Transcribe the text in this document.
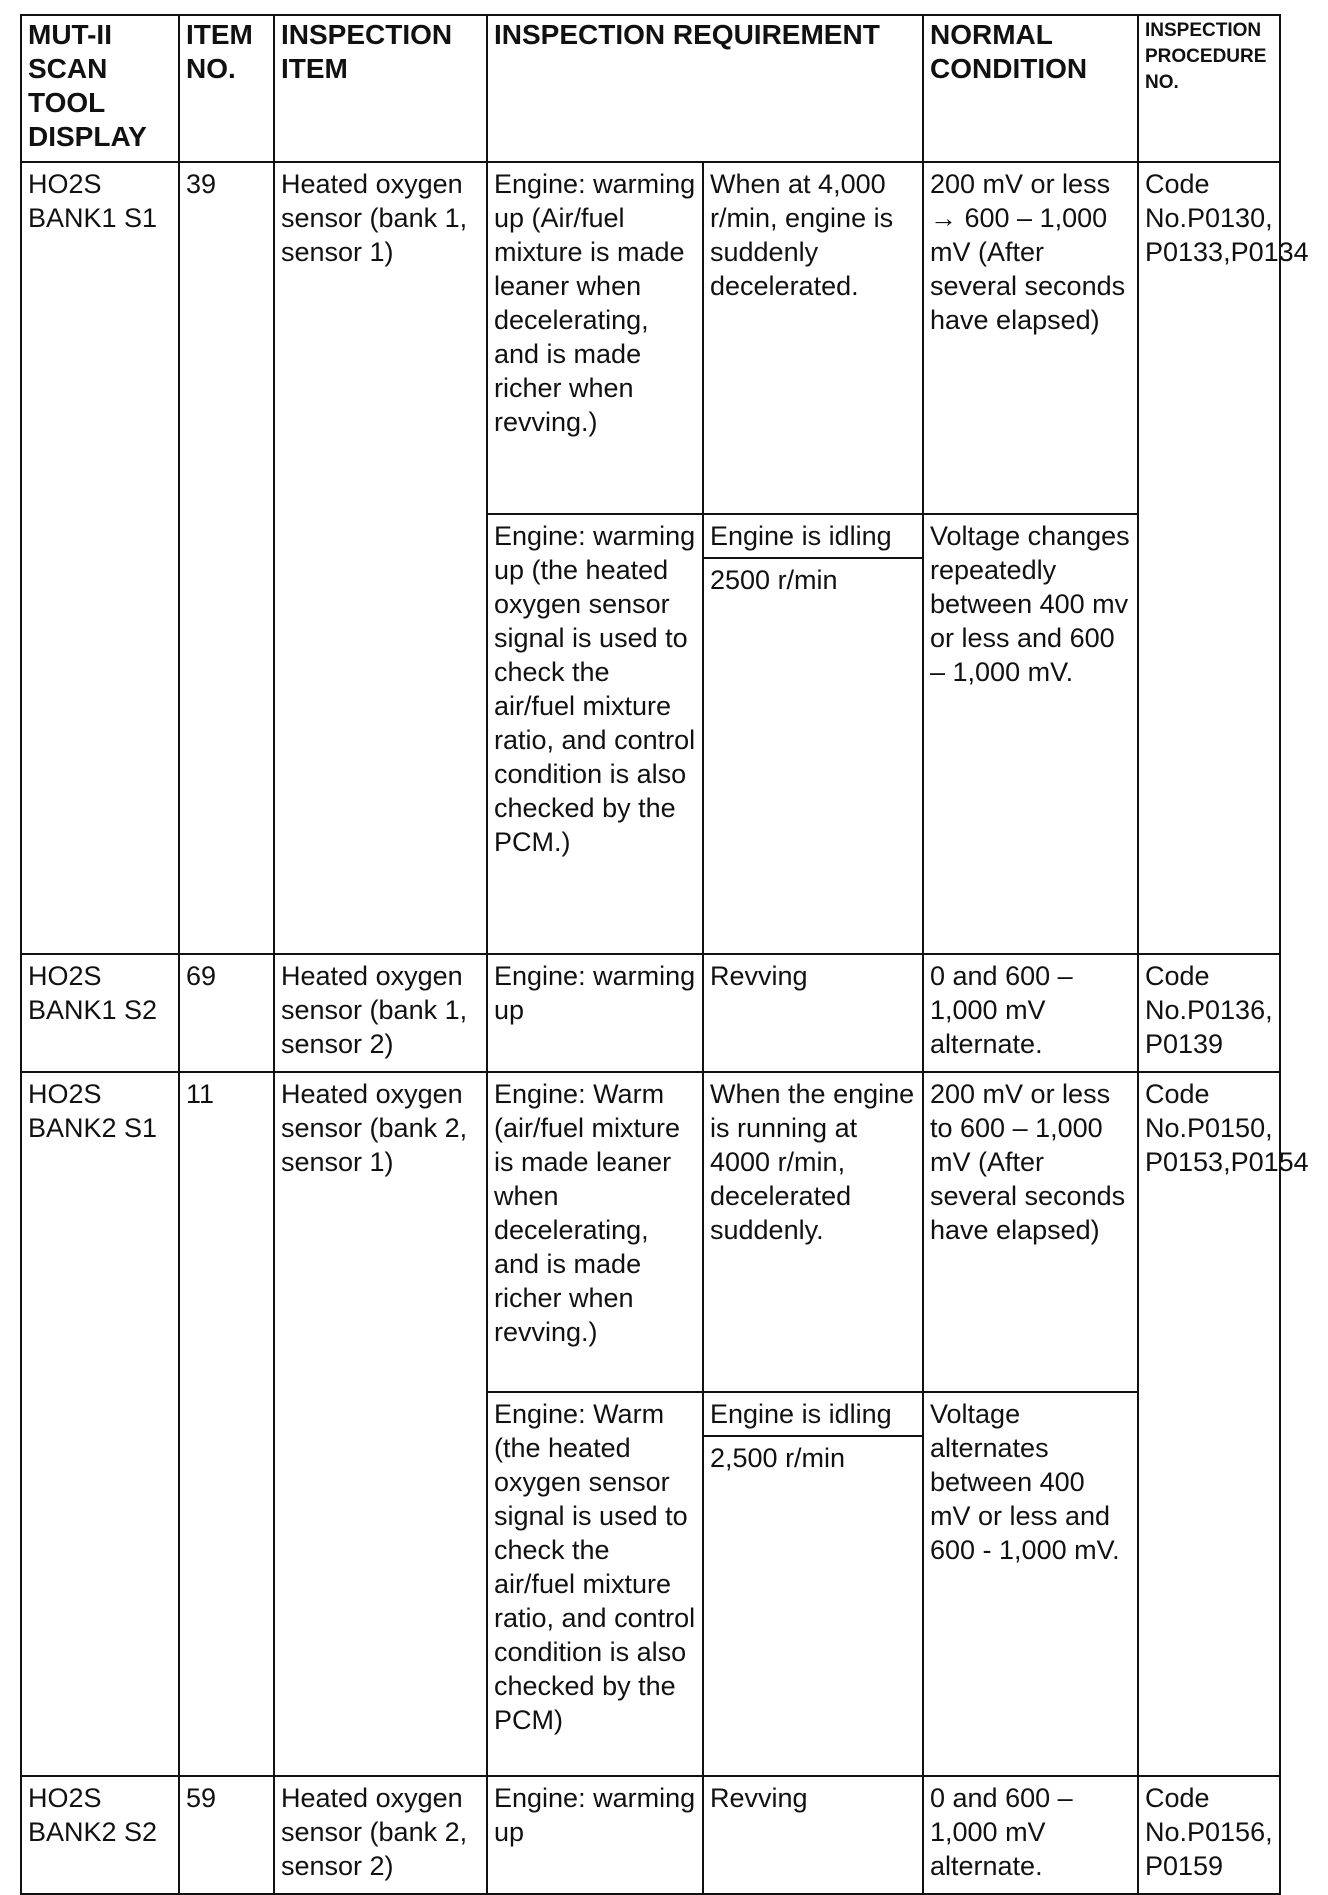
MUT-II SCAN TOOL DISPLAY	ITEM NO.	INSPECTION ITEM	INSPECTION REQUIREMENT		NORMAL CONDITION	INSPECTION PROCEDURE NO.
HO2S BANK1 S1	39	Heated oxygen sensor (bank 1, sensor 1)	Engine: warming up (Air/fuel mixture is made leaner when decelerating, and is made richer when revving.)	When at 4,000 r/min, engine is suddenly decelerated.	200 mV or less → 600 – 1,000 mV (After several seconds have elapsed)	Code No.P0130, P0133,P0134
			Engine: warming up (the heated oxygen sensor signal is used to check the air/fuel mixture ratio, and control condition is also checked by the PCM.)	Engine is idling	Voltage changes repeatedly between 400 mv or less and 600 – 1,000 mV.	
				2500 r/min		
HO2S BANK1 S2	69	Heated oxygen sensor (bank 1, sensor 2)	Engine: warming up	Revving	0 and 600 – 1,000 mV alternate.	Code No.P0136, P0139
HO2S BANK2 S1	11	Heated oxygen sensor (bank 2, sensor 1)	Engine: Warm (air/fuel mixture is made leaner when decelerating, and is made richer when revving.)	When the engine is running at 4000 r/min, decelerated suddenly.	200 mV or less to 600 – 1,000 mV (After several seconds have elapsed)	Code No.P0150, P0153,P0154
			Engine: Warm (the heated oxygen sensor signal is used to check the air/fuel mixture ratio, and control condition is also checked by the PCM)	Engine is idling	Voltage alternates between 400 mV or less and 600 - 1,000 mV.	
				2,500 r/min		
HO2S BANK2 S2	59	Heated oxygen sensor (bank 2, sensor 2)	Engine: warming up	Revving	0 and 600 – 1,000 mV alternate.	Code No.P0156, P0159
